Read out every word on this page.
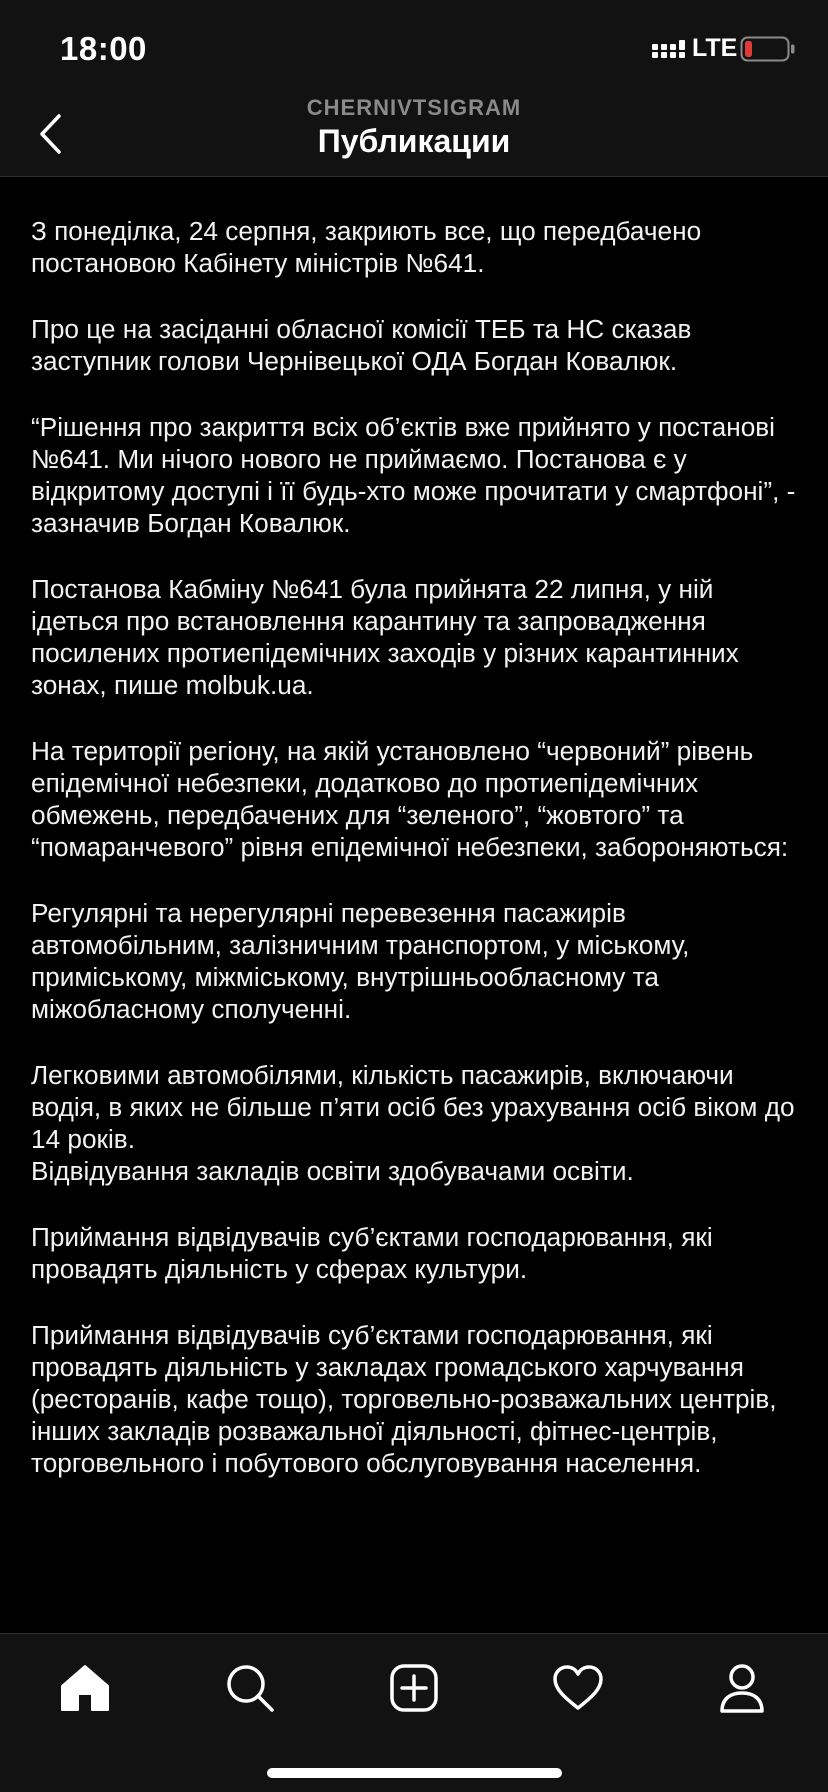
18:00	LTE
CHERNIVTSIGRAM
Публикации

З понеділка, 24 серпня, закриють все, що передбачено постановою Кабінету міністрів №641.

Про це на засіданні обласної комісії ТЕБ та НС сказав заступник голови Чернівецької ОДА Богдан Ковалюк.

“Рішення про закриття всіх об’єктів вже прийнято у постанові №641. Ми нічого нового не приймаємо. Постанова є у відкритому доступі і її будь-хто може прочитати у смартфоні”, - зазначив Богдан Ковалюк.

Постанова Кабміну №641 була прийнята 22 липня, у ній ідеться про встановлення карантину та запровадження посилених протиепідемічних заходів у різних карантинних зонах, пише molbuk.ua.

На території регіону, на якій установлено “червоний” рівень епідемічної небезпеки, додатково до протиепідемічних обмежень, передбачених для “зеленого”, “жовтого” та “помаранчевого” рівня епідемічної небезпеки, забороняються:

Регулярні та нерегулярні перевезення пасажирів автомобільним, залізничним транспортом, у міському, приміському, міжміському, внутрішньообласному та міжобласному сполученні.

Легковими автомобілями, кількість пасажирів, включаючи водія, в яких не більше п’яти осіб без урахування осіб віком до 14 років.
Відвідування закладів освіти здобувачами освіти.

Приймання відвідувачів суб’єктами господарювання, які провадять діяльність у сферах культури.

Приймання відвідувачів суб’єктами господарювання, які провадять діяльність у закладах громадського харчування (ресторанів, кафе тощо), торговельно-розважальних центрів, інших закладів розважальної діяльності, фітнес-центрів, торговельного і побутового обслуговування населення.
